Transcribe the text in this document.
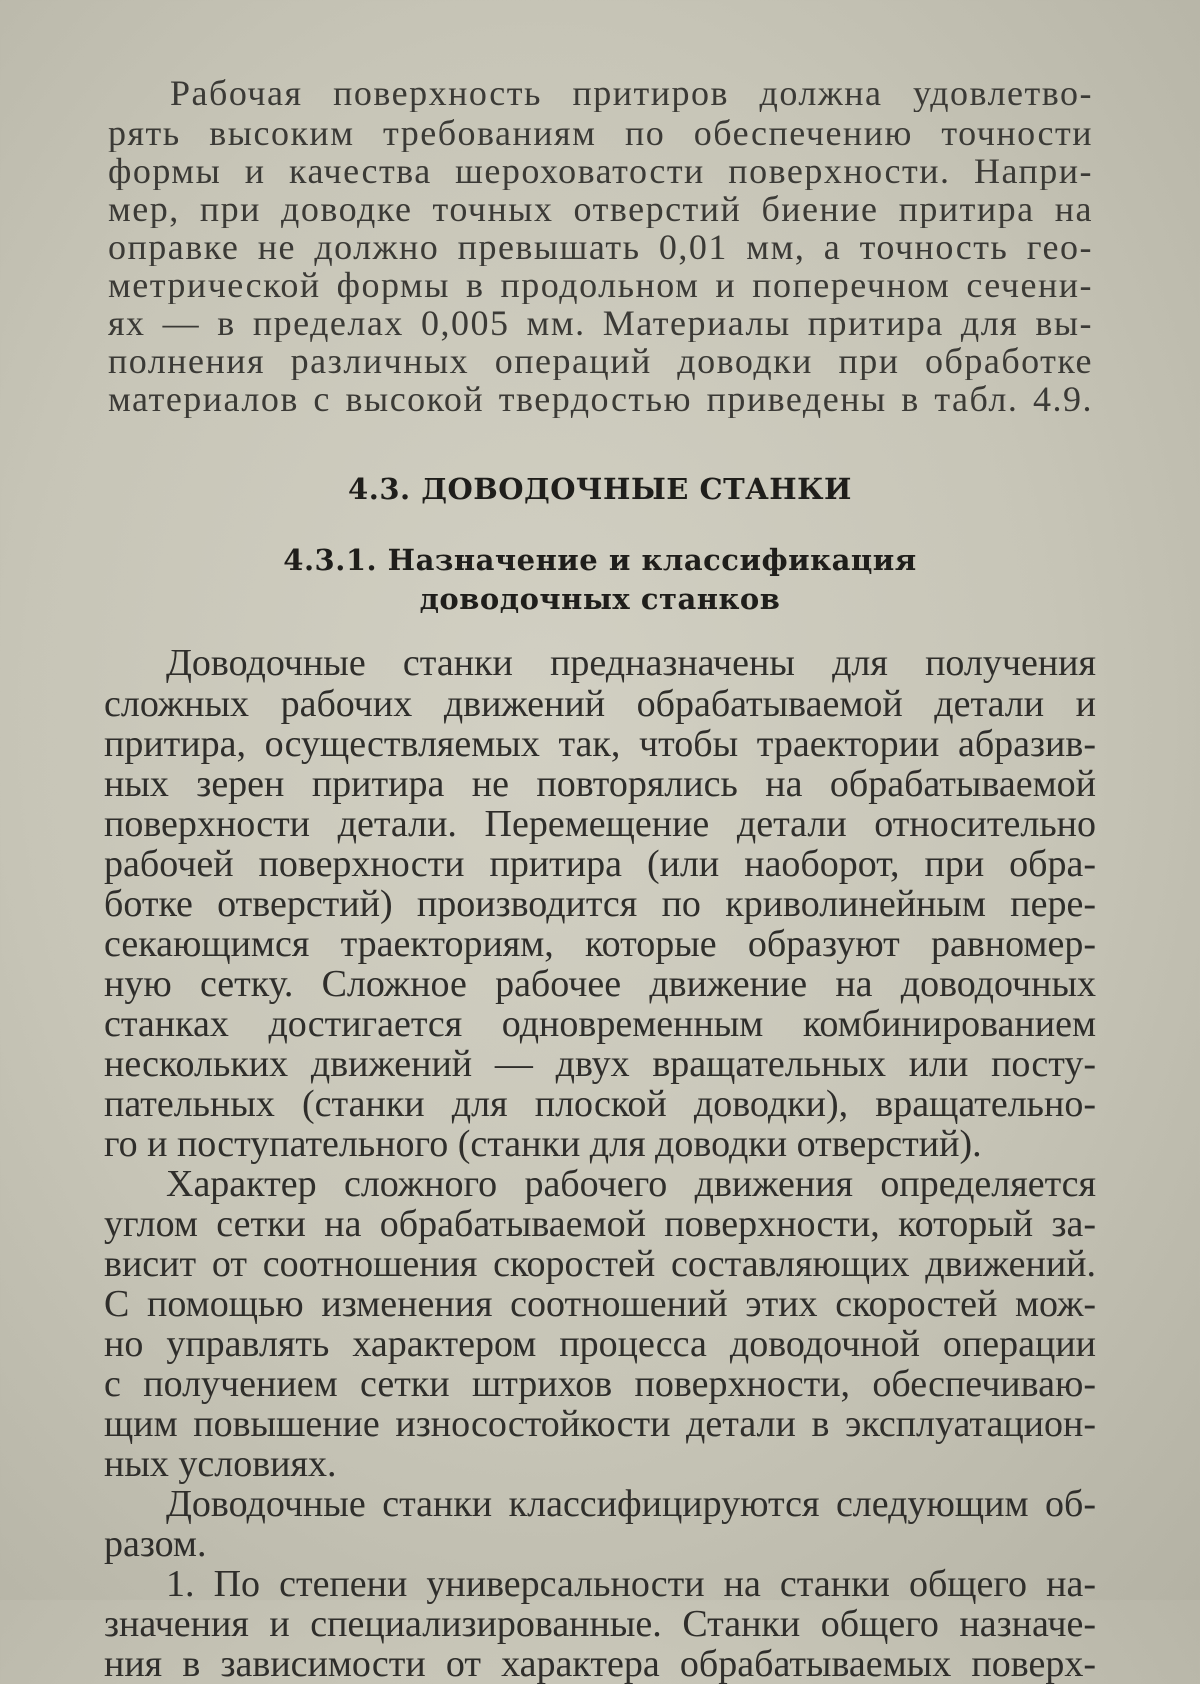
Рабочая поверхность притиров должна удовлетво-
рять высоким требованиям по обеспечению точности
формы и качества шероховатости поверхности. Напри-
мер, при доводке точных отверстий биение притира на
оправке не должно превышать 0,01 мм, а точность гео-
метрической формы в продольном и поперечном сечени-
ях — в пределах 0,005 мм. Материалы притира для вы-
полнения различных операций доводки при обработке
материалов с высокой твердостью приведены в табл. 4.9.
4.3. ДОВОДОЧНЫЕ СТАНКИ
4.3.1. Назначение и классификация
доводочных станков
Доводочные станки предназначены для получения
сложных рабочих движений обрабатываемой детали и
притира, осуществляемых так, чтобы траектории абразив-
ных зерен притира не повторялись на обрабатываемой
поверхности детали. Перемещение детали относительно
рабочей поверхности притира (или наоборот, при обра-
ботке отверстий) производится по криволинейным пере-
секающимся траекториям, которые образуют равномер-
ную сетку. Сложное рабочее движение на доводочных
станках достигается одновременным комбинированием
нескольких движений — двух вращательных или посту-
пательных (станки для плоской доводки), вращательно-
го и поступательного (станки для доводки отверстий).
Характер сложного рабочего движения определяется
углом сетки на обрабатываемой поверхности, который за-
висит от соотношения скоростей составляющих движений.
С помощью изменения соотношений этих скоростей мож-
но управлять характером процесса доводочной операции
с получением сетки штрихов поверхности, обеспечиваю-
щим повышение износостойкости детали в эксплуатацион-
ных условиях.
Доводочные станки классифицируются следующим об-
разом.
1. По степени универсальности на станки общего на-
значения и специализированные. Станки общего назначе-
ния в зависимости от характера обрабатываемых поверх-
